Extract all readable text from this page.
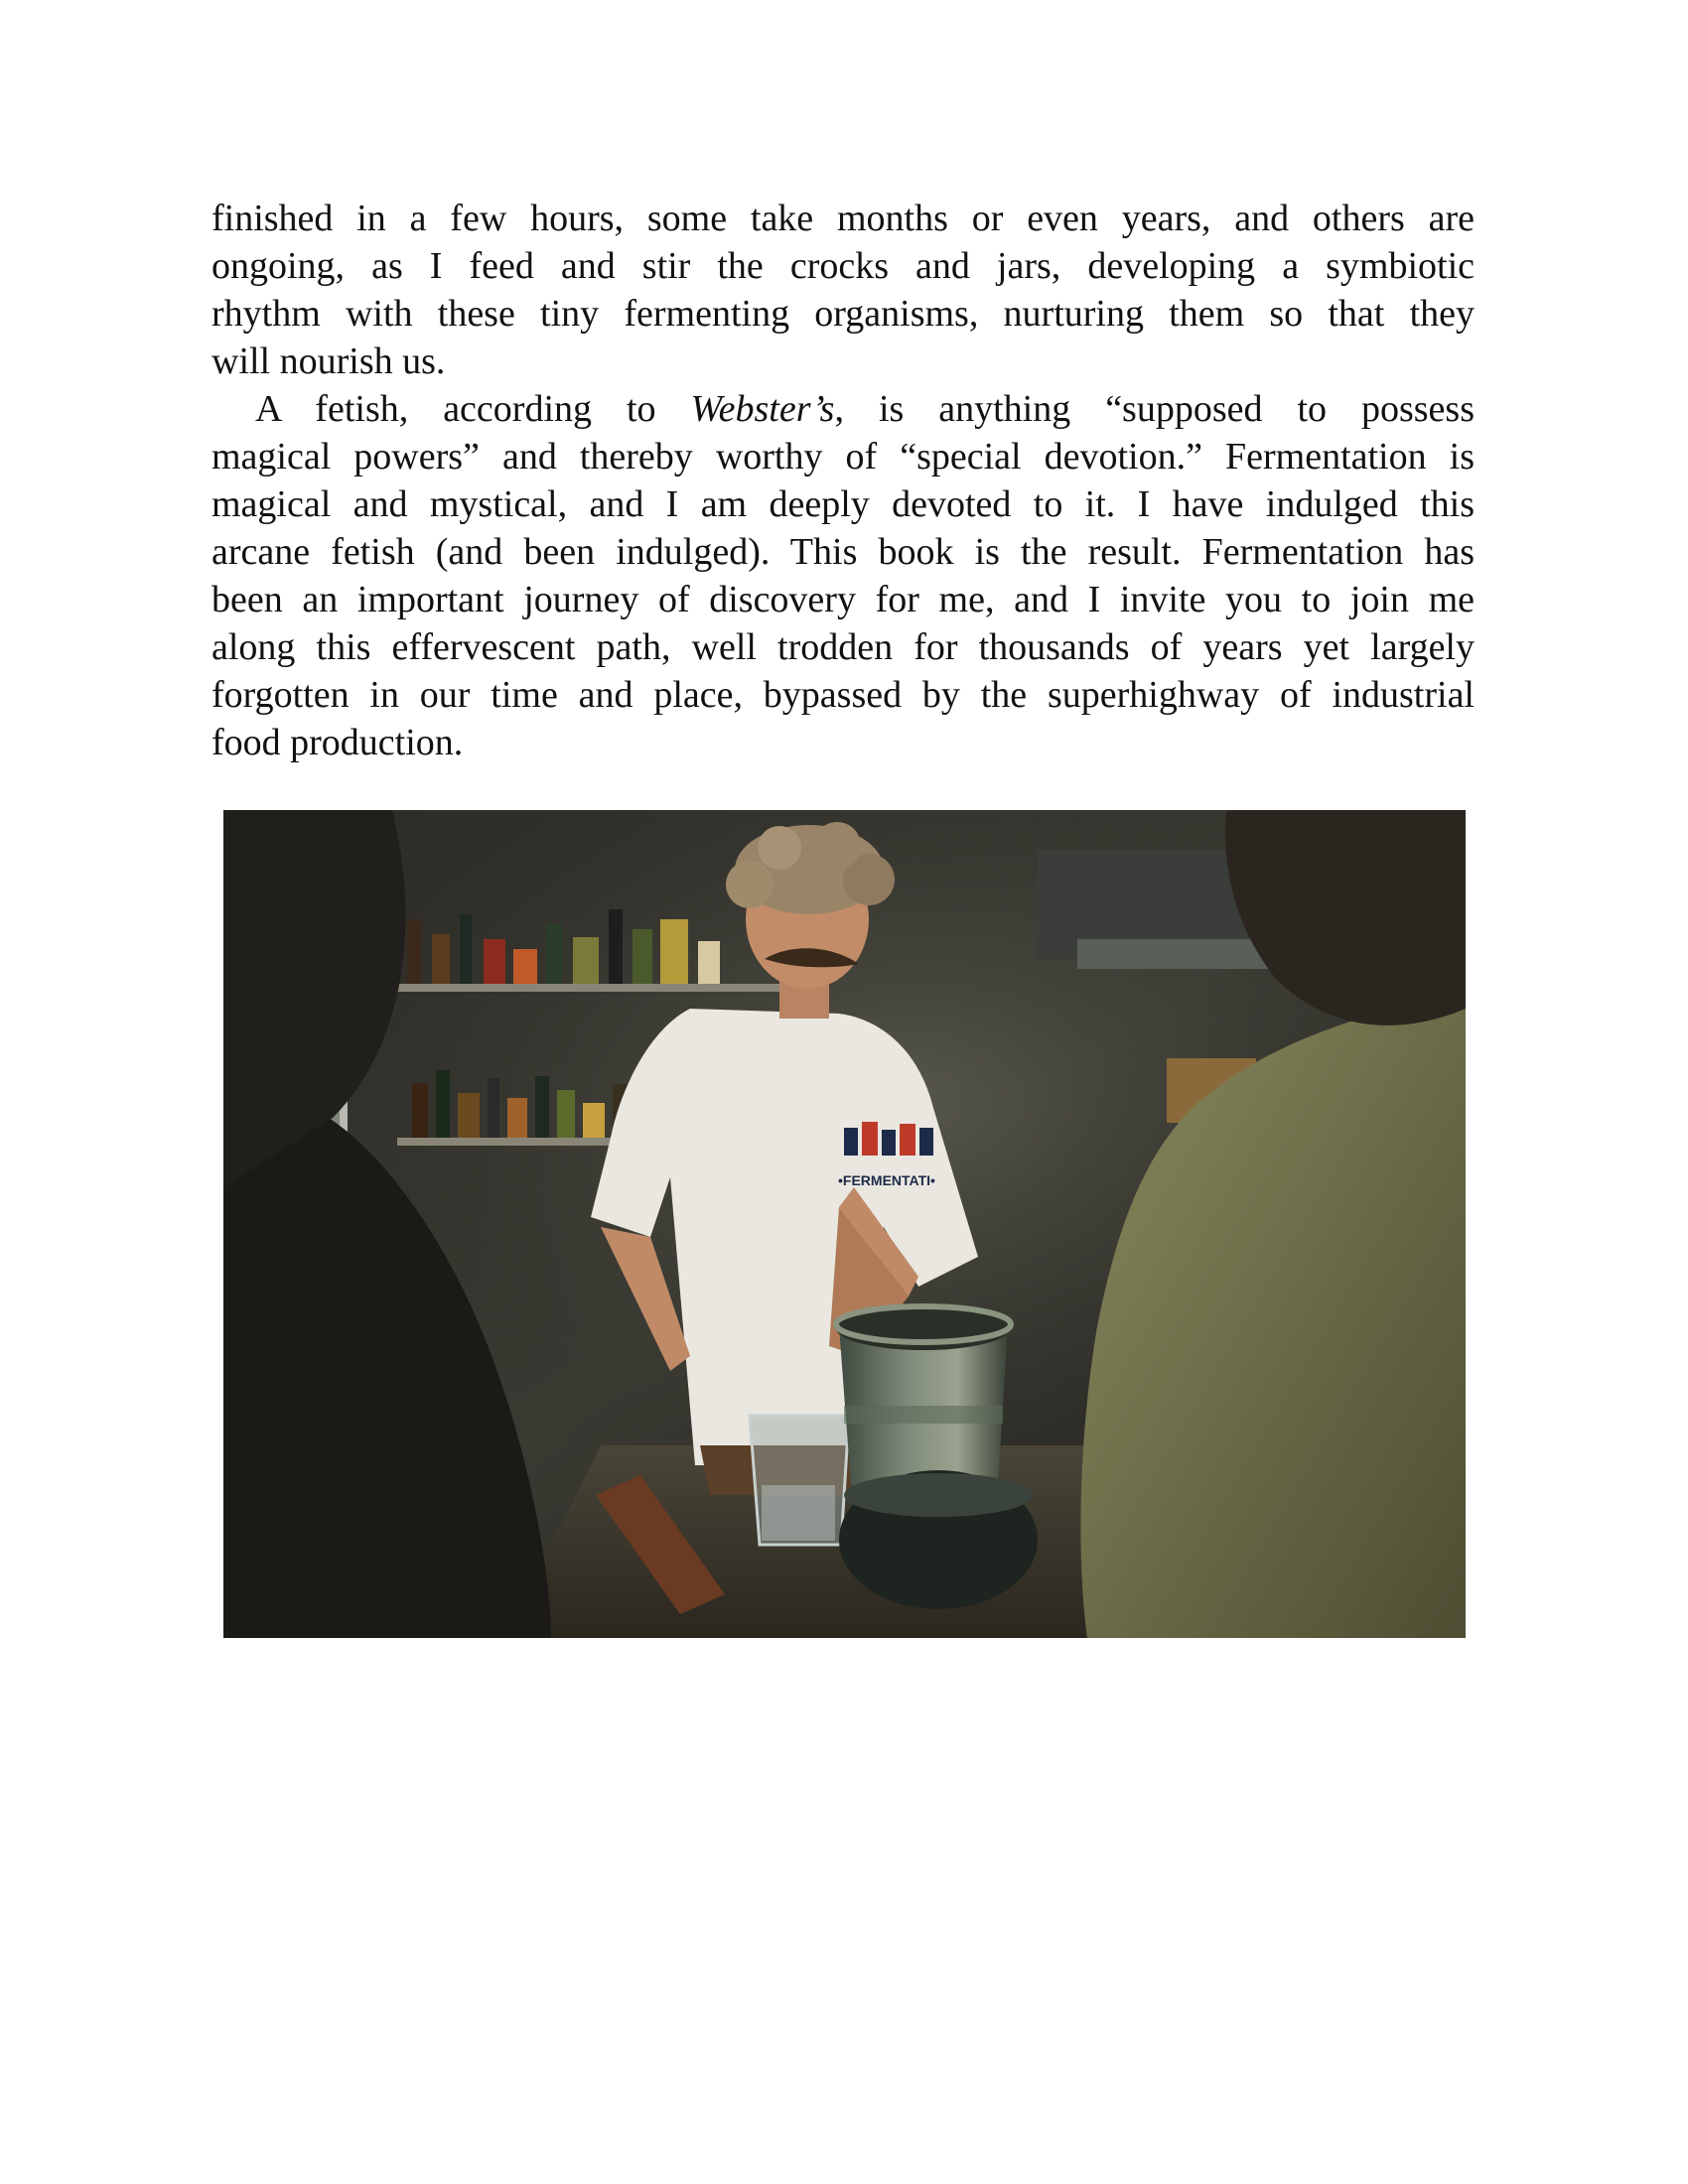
finished in a few hours, some take months or even years, and others are
ongoing, as I feed and stir the crocks and jars, developing a symbiotic
rhythm with these tiny fermenting organisms, nurturing them so that they
will nourish us.
A fetish, according to Webster’s, is anything “supposed to possess
magical powers” and thereby worthy of “special devotion.” Fermentation is
magical and mystical, and I am deeply devoted to it. I have indulged this
arcane fetish (and been indulged). This book is the result. Fermentation has
been an important journey of discovery for me, and I invite you to join me
along this effervescent path, well trodden for thousands of years yet largely
forgotten in our time and place, bypassed by the superhighway of industrial
food production.
•FERMENTATI•
